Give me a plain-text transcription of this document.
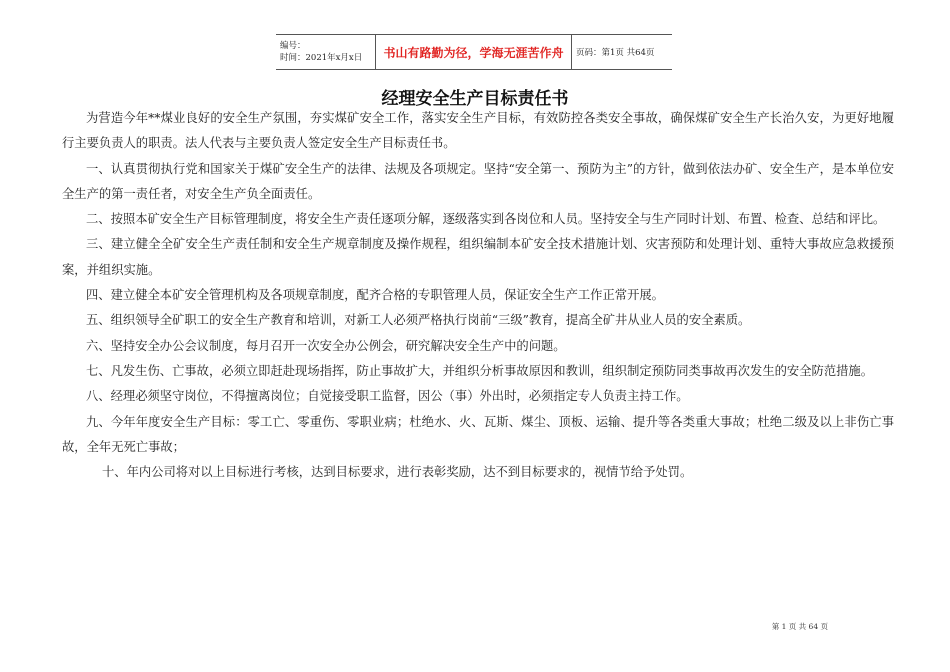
编号：
时间：2021年x月x日	书山有路勤为径，学海无涯苦作舟	页码：第1页 共64页
经理安全生产目标责任书

为营造今年**煤业良好的安全生产氛围，夯实煤矿安全工作，落实安全生产目标，有效防控各类安全事故，确保煤矿安全生产长治久安，为更好地履行主要负责人的职责。法人代表与主要负责人签定安全生产目标责任书。

一、认真贯彻执行党和国家关于煤矿安全生产的法律、法规及各项规定。坚持“安全第一、预防为主”的方针，做到依法办矿、安全生产，是本单位安全生产的第一责任者，对安全生产负全面责任。

二、按照本矿安全生产目标管理制度，将安全生产责任逐项分解，逐级落实到各岗位和人员。坚持安全与生产同时计划、布置、检查、总结和评比。

三、建立健全全矿安全生产责任制和安全生产规章制度及操作规程，组织编制本矿安全技术措施计划、灾害预防和处理计划、重特大事故应急救援预案，并组织实施。

四、建立健全本矿安全管理机构及各项规章制度，配齐合格的专职管理人员，保证安全生产工作正常开展。

五、组织领导全矿职工的安全生产教育和培训，对新工人必须严格执行岗前“三级”教育，提高全矿井从业人员的安全素质。

六、坚持安全办公会议制度，每月召开一次安全办公例会，研究解决安全生产中的问题。

七、凡发生伤、亡事故，必须立即赶赴现场指挥，防止事故扩大，并组织分析事故原因和教训，组织制定预防同类事故再次发生的安全防范措施。

八、经理必须坚守岗位，不得擅离岗位；自觉接受职工监督，因公（事）外出时，必须指定专人负责主持工作。

九、今年年度安全生产目标：零工亡、零重伤、零职业病；杜绝水、火、瓦斯、煤尘、顶板、运输、提升等各类重大事故；杜绝二级及以上非伤亡事故，全年无死亡事故；

十、年内公司将对以上目标进行考核，达到目标要求，进行表彰奖励，达不到目标要求的，视情节给予处罚。

第 1 页 共 64 页
